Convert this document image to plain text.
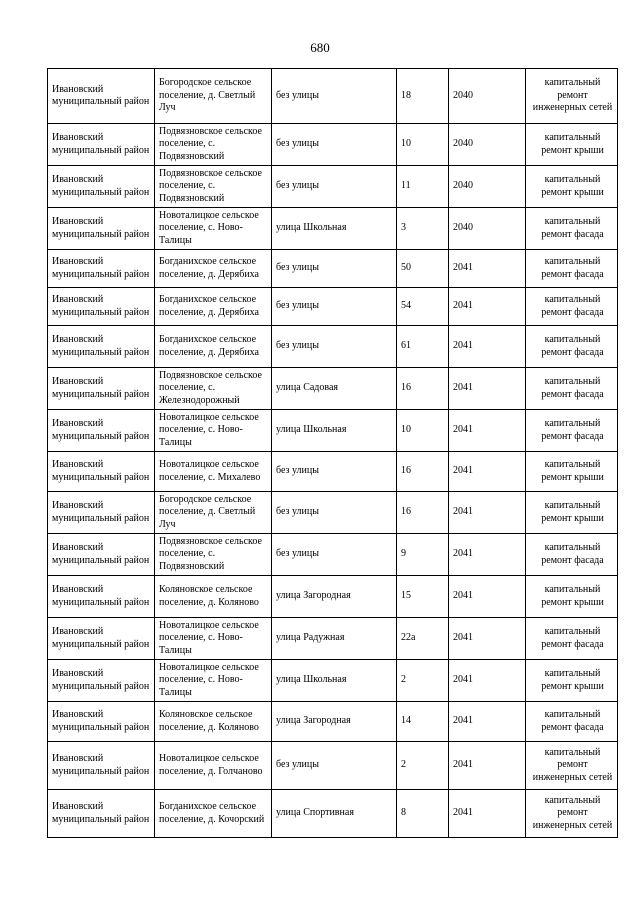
680
Ивановский муниципальный район	Богородское сельское поселение, д. Светлый Луч	без улицы	18	2040	капитальный ремонт инженерных сетей
Ивановский муниципальный район	Подвязновское сельское поселение, с. Подвязновский	без улицы	10	2040	капитальный ремонт крыши
Ивановский муниципальный район	Подвязновское сельское поселение, с. Подвязновский	без улицы	11	2040	капитальный ремонт крыши
Ивановский муниципальный район	Новоталицкое сельское поселение, с. Ново-Талицы	улица Школьная	3	2040	капитальный ремонт фасада
Ивановский муниципальный район	Богданихское сельское поселение, д. Дерябиха	без улицы	50	2041	капитальный ремонт фасада
Ивановский муниципальный район	Богданихское сельское поселение, д. Дерябиха	без улицы	54	2041	капитальный ремонт фасада
Ивановский муниципальный район	Богданихское сельское поселение, д. Дерябиха	без улицы	61	2041	капитальный ремонт фасада
Ивановский муниципальный район	Подвязновское сельское поселение, с. Железнодорожный	улица Садовая	16	2041	капитальный ремонт фасада
Ивановский муниципальный район	Новоталицкое сельское поселение, с. Ново-Талицы	улица Школьная	10	2041	капитальный ремонт фасада
Ивановский муниципальный район	Новоталицкое сельское поселение, с. Михалево	без улицы	16	2041	капитальный ремонт крыши
Ивановский муниципальный район	Богородское сельское поселение, д. Светлый Луч	без улицы	16	2041	капитальный ремонт крыши
Ивановский муниципальный район	Подвязновское сельское поселение, с. Подвязновский	без улицы	9	2041	капитальный ремонт фасада
Ивановский муниципальный район	Коляновское сельское поселение, д. Коляново	улица Загородная	15	2041	капитальный ремонт крыши
Ивановский муниципальный район	Новоталицкое сельское поселение, с. Ново-Талицы	улица Радужная	22а	2041	капитальный ремонт фасада
Ивановский муниципальный район	Новоталицкое сельское поселение, с. Ново-Талицы	улица Школьная	2	2041	капитальный ремонт крыши
Ивановский муниципальный район	Коляновское сельское поселение, д. Коляново	улица Загородная	14	2041	капитальный ремонт фасада
Ивановский муниципальный район	Новоталицкое сельское поселение, д. Голчаново	без улицы	2	2041	капитальный ремонт инженерных сетей
Ивановский муниципальный район	Богданихское сельское поселение, д. Кочорский	улица Спортивная	8	2041	капитальный ремонт инженерных сетей
